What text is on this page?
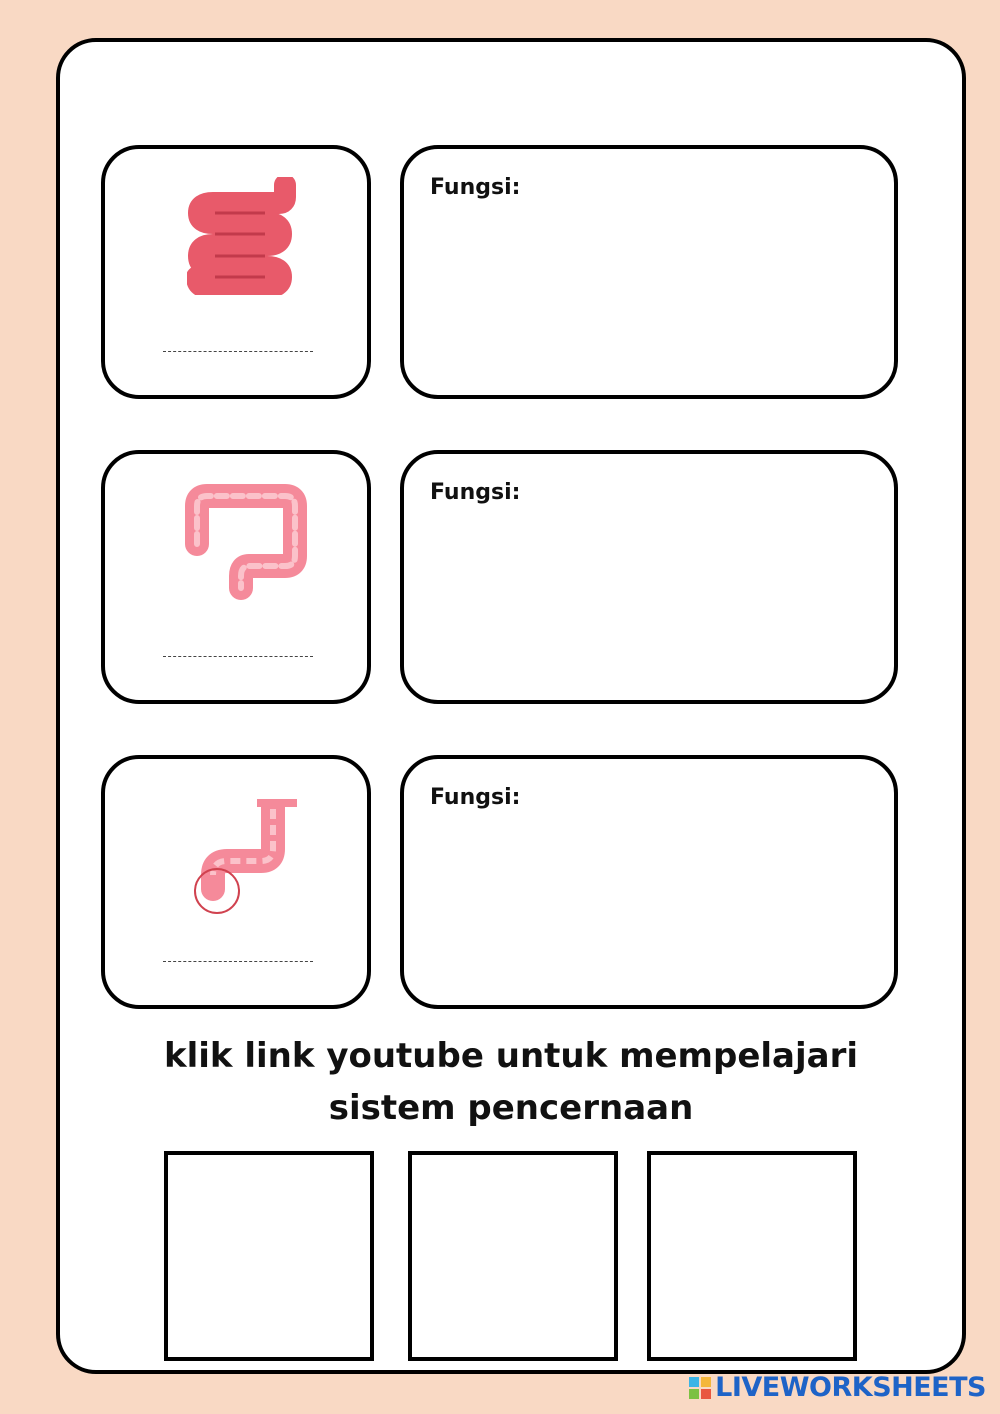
Fungsi:
Fungsi:
Fungsi:
klik link youtube untuk mempelajari
sistem pencernaan
LIVEWORKSHEETS
